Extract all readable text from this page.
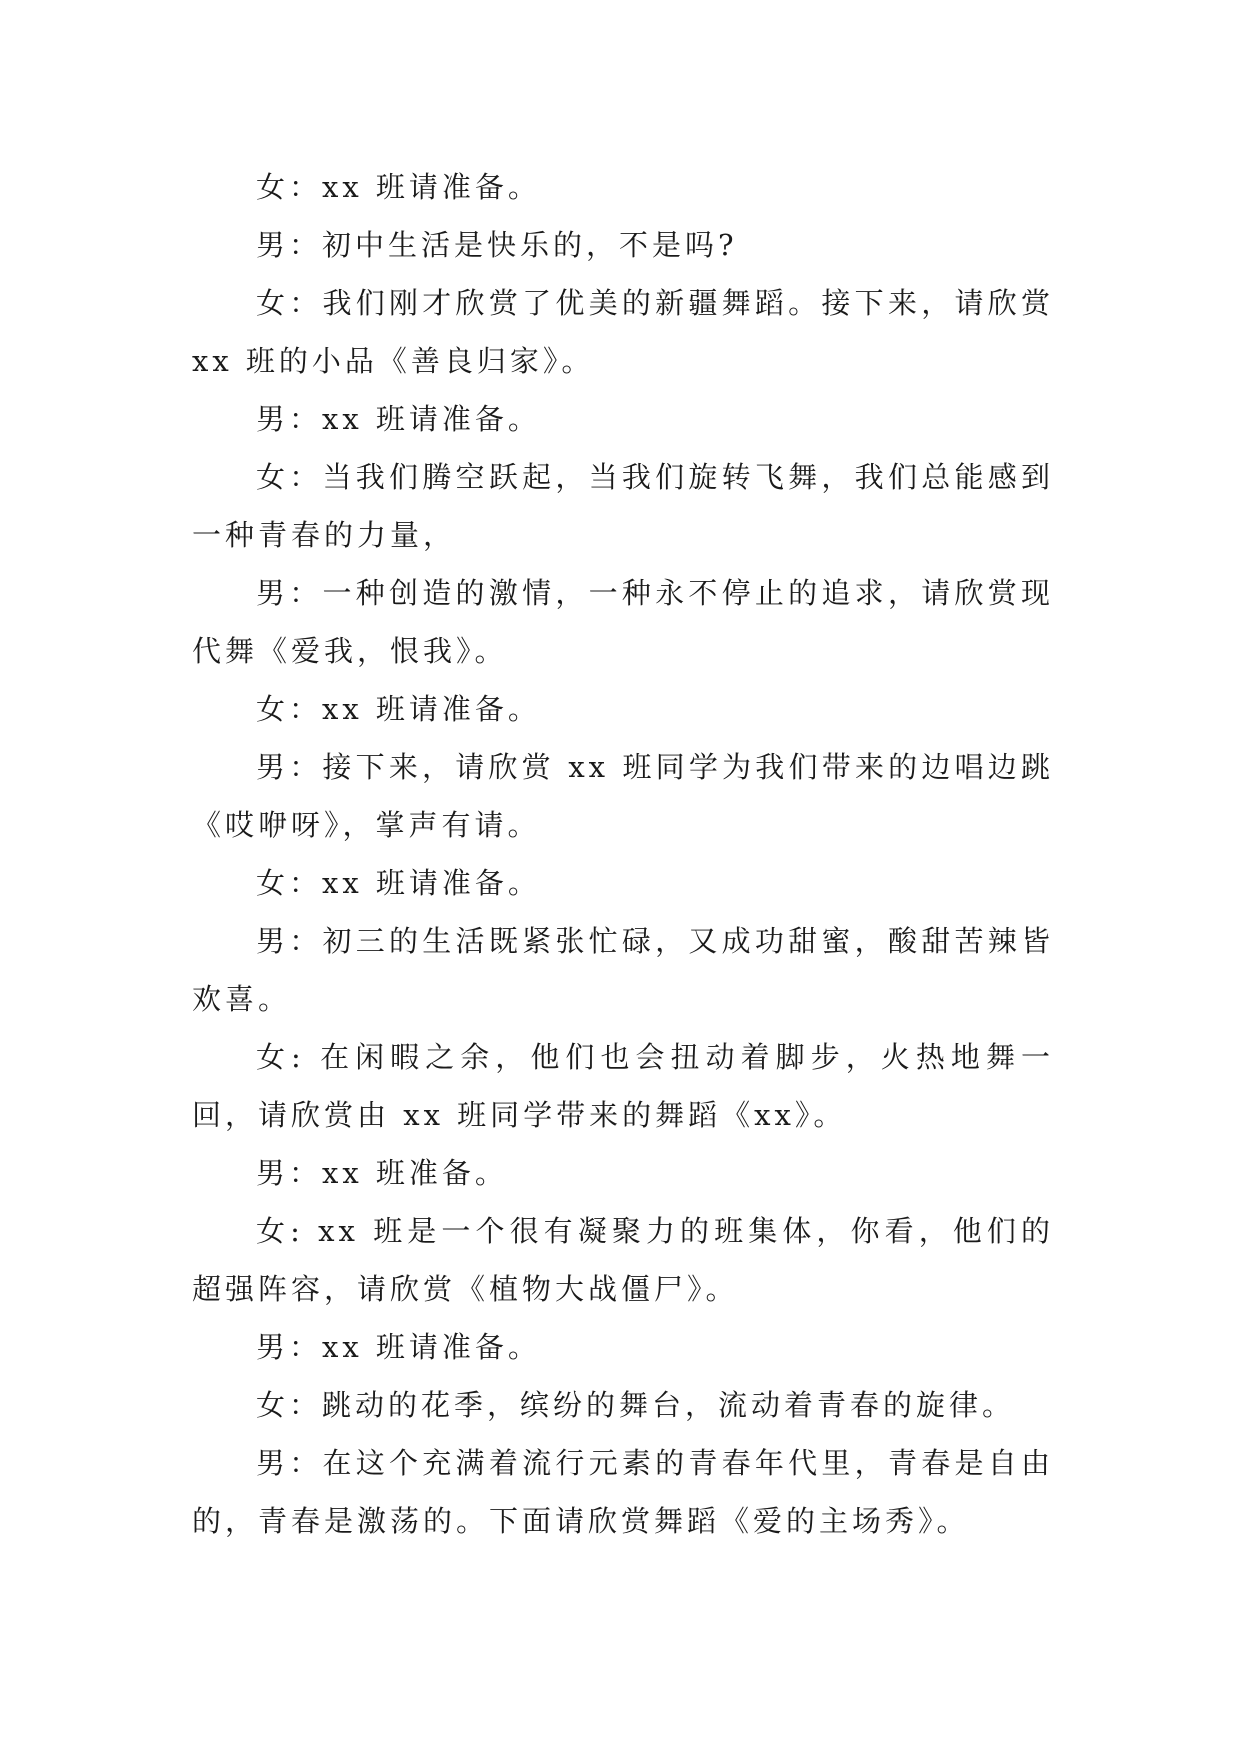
女：xx 班请准备。

男：初中生活是快乐的，不是吗?

女：我们刚才欣赏了优美的新疆舞蹈。接下来，请欣赏 xx 班的小品《善良归家》。

男：xx 班请准备。

女：当我们腾空跃起，当我们旋转飞舞，我们总能感到一种青春的力量，

男：一种创造的激情，一种永不停止的追求，请欣赏现代舞《爱我，恨我》。

女：xx 班请准备。

男：接下来，请欣赏 xx 班同学为我们带来的边唱边跳《哎咿呀》，掌声有请。

女：xx 班请准备。

男：初三的生活既紧张忙碌，又成功甜蜜，酸甜苦辣皆欢喜。

女: 在闲暇之余，他们也会扭动着脚步，火热地舞一回，请欣赏由 xx 班同学带来的舞蹈《xx》。

男：xx 班准备。

女: xx 班是一个很有凝聚力的班集体，你看，他们的超强阵容，请欣赏《植物大战僵尸》。

男：xx 班请准备。

女：跳动的花季，缤纷的舞台，流动着青春的旋律。

男：在这个充满着流行元素的青春年代里，青春是自由的，青春是激荡的。下面请欣赏舞蹈《爱的主场秀》。
